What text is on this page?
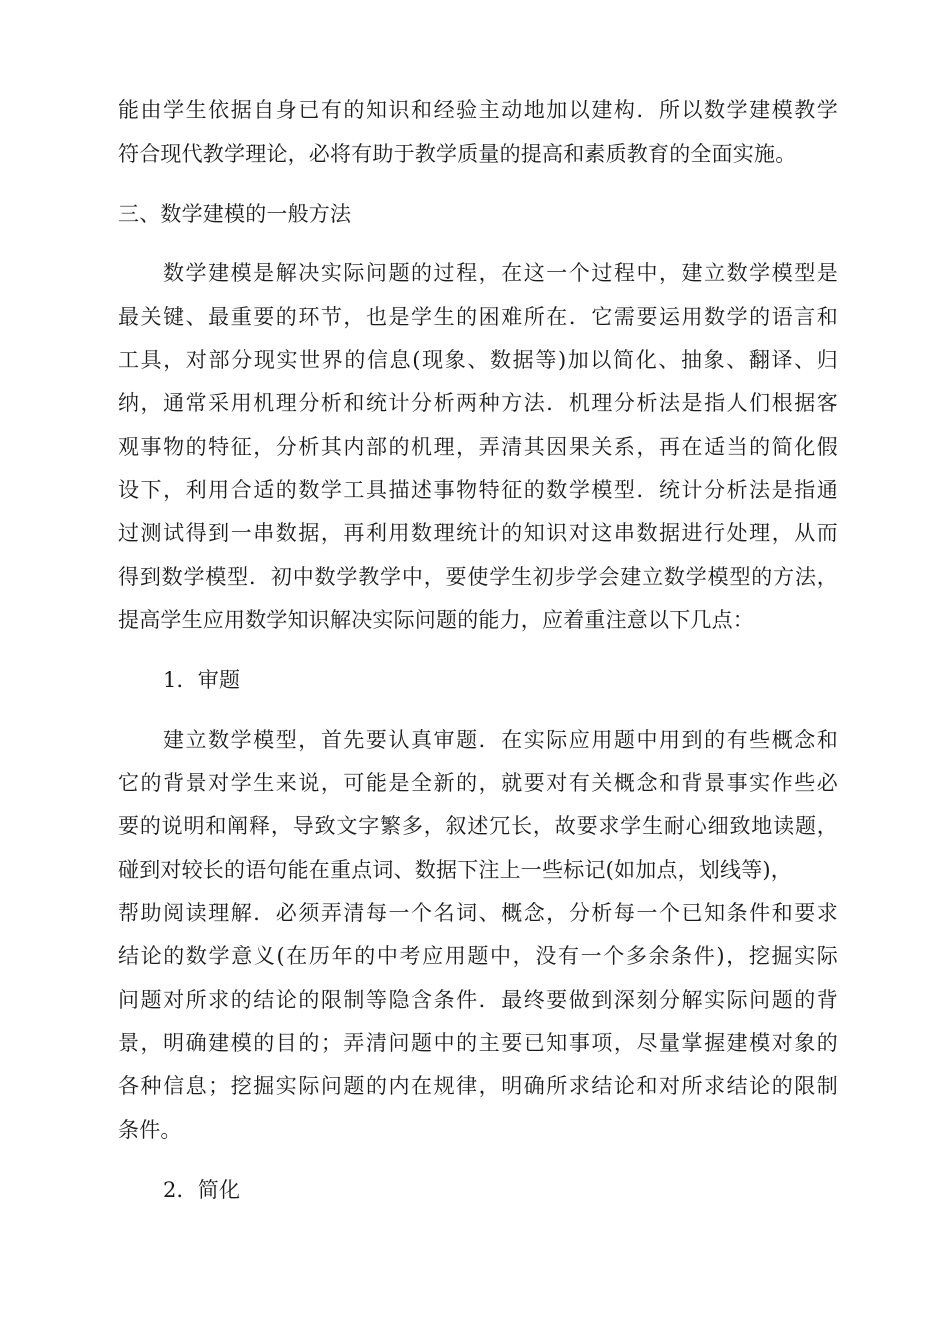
能由学生依据自身已有的知识和经验主动地加以建构．所以数学建模教学
符合现代教学理论，必将有助于教学质量的提高和素质教育的全面实施。
三、数学建模的一般方法
数学建模是解决实际问题的过程，在这一个过程中，建立数学模型是
最关键、最重要的环节，也是学生的困难所在．它需要运用数学的语言和
工具，对部分现实世界的信息(现象、数据等)加以简化、抽象、翻译、归
纳，通常采用机理分析和统计分析两种方法．机理分析法是指人们根据客
观事物的特征，分析其内部的机理，弄清其因果关系，再在适当的简化假
设下，利用合适的数学工具描述事物特征的数学模型．统计分析法是指通
过测试得到一串数据，再利用数理统计的知识对这串数据进行处理，从而
得到数学模型．初中数学教学中，要使学生初步学会建立数学模型的方法，
提高学生应用数学知识解决实际问题的能力，应着重注意以下几点：
1．审题
建立数学模型，首先要认真审题．在实际应用题中用到的有些概念和
它的背景对学生来说，可能是全新的，就要对有关概念和背景事实作些必
要的说明和阐释，导致文字繁多，叙述冗长，故要求学生耐心细致地读题，
碰到对较长的语句能在重点词、数据下注上一些标记(如加点，划线等)，
帮助阅读理解．必须弄清每一个名词、概念，分析每一个已知条件和要求
结论的数学意义(在历年的中考应用题中，没有一个多余条件)，挖掘实际
问题对所求的结论的限制等隐含条件．最终要做到深刻分解实际问题的背
景，明确建模的目的；弄清问题中的主要已知事项，尽量掌握建模对象的
各种信息；挖掘实际问题的内在规律，明确所求结论和对所求结论的限制
条件。
2．简化
